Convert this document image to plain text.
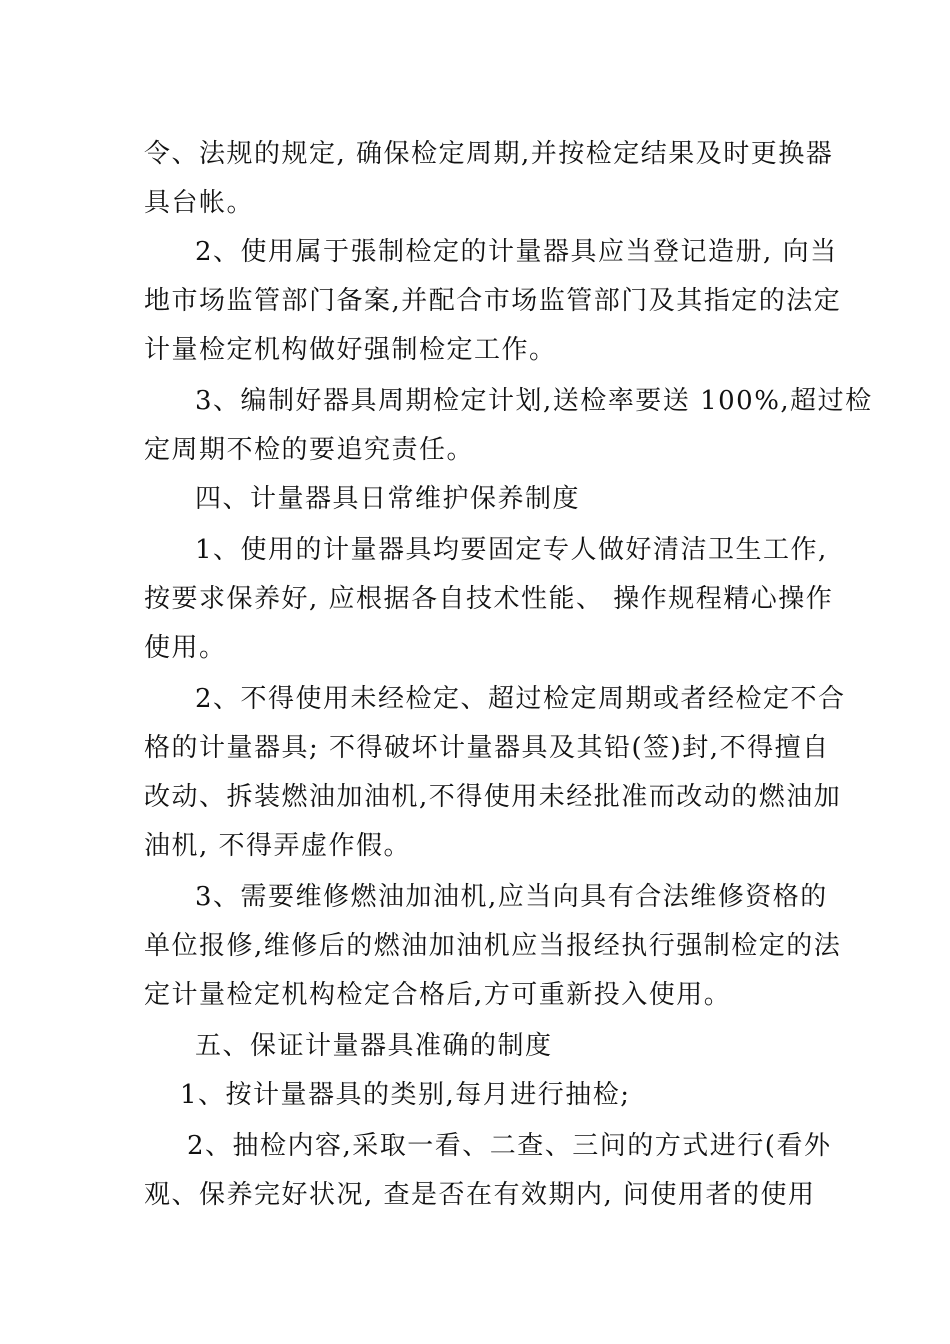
令、法规的规定, 确保检定周期,并按检定结果及时更换器
具台帐。
2、使用属于張制检定的计量器具应当登记造册, 向当
地市场监管部门备案,并配合市场监管部门及其指定的法定
计量检定机构做好强制检定工作。
3、编制好器具周期检定计划,送检率要送 100%,超过检
定周期不检的要追究责任。
四、计量器具日常维护保养制度
1、使用的计量器具均要固定专人做好清洁卫生工作,
按要求保养好, 应根据各自技术性能、 操作规程精心操作
使用。
2、不得使用未经检定、超过检定周期或者经检定不合
格的计量器具; 不得破坏计量器具及其铅(签)封,不得擅自
改动、拆装燃油加油机,不得使用未经批准而改动的燃油加
油机, 不得弄虚作假。
3、需要维修燃油加油机,应当向具有合法维修资格的
单位报修,维修后的燃油加油机应当报经执行强制检定的法
定计量检定机构检定合格后,方可重新投入使用。
五、保证计量器具准确的制度
1、按计量器具的类别,每月进行抽检;
2、抽检内容,采取一看、二查、三问的方式进行(看外
观、保养完好状况, 查是否在有效期内, 问使用者的使用
